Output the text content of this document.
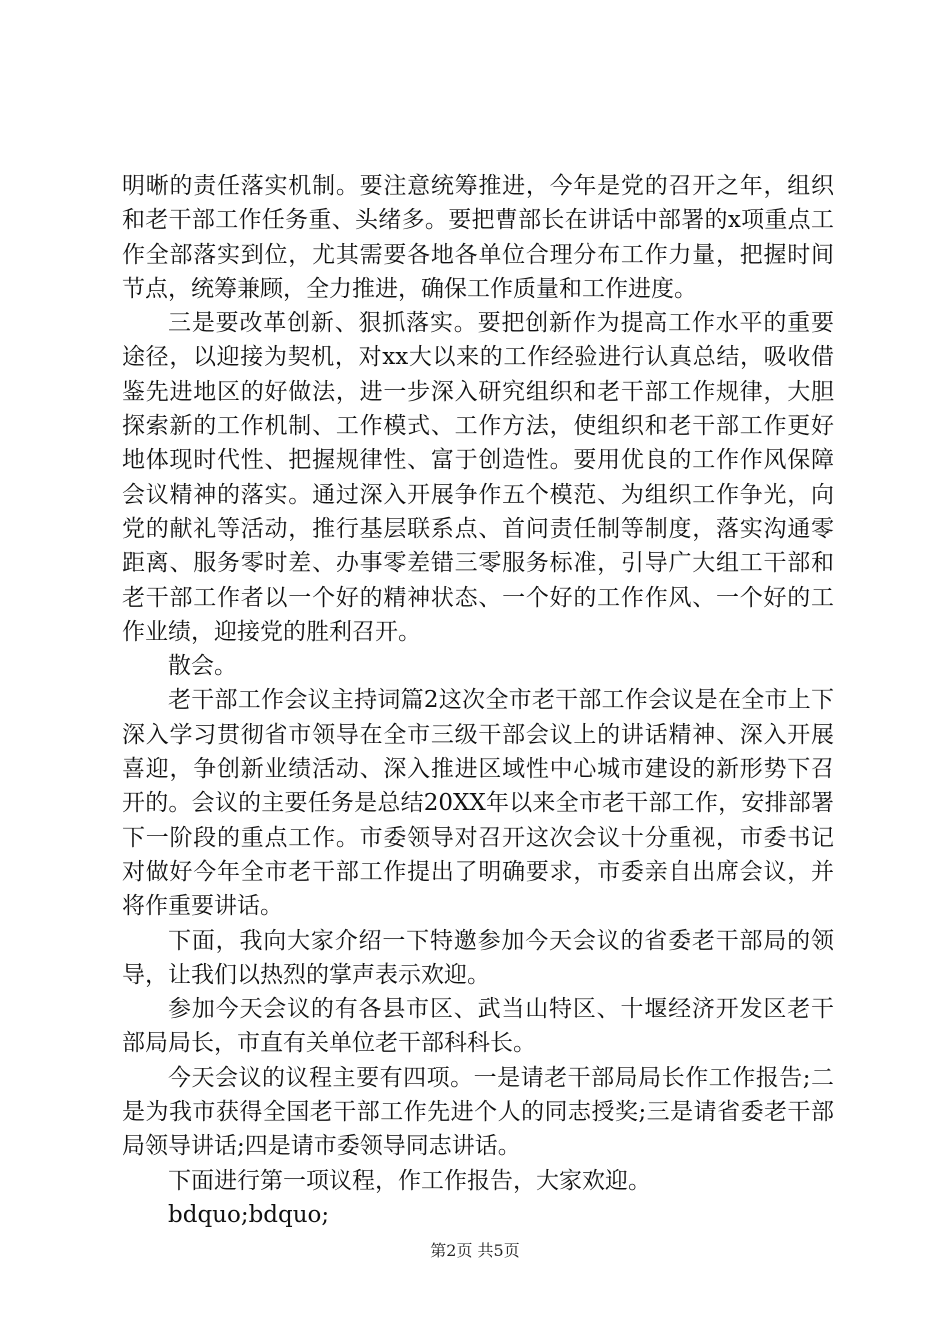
明晰的责任落实机制。要注意统筹推进，今年是党的召开之年，组织和老干部工作任务重、头绪多。要把曹部长在讲话中部署的x项重点工作全部落实到位，尤其需要各地各单位合理分布工作力量，把握时间节点，统筹兼顾，全力推进，确保工作质量和工作进度。

三是要改革创新、狠抓落实。要把创新作为提高工作水平的重要途径，以迎接为契机，对xx大以来的工作经验进行认真总结，吸收借鉴先进地区的好做法，进一步深入研究组织和老干部工作规律，大胆探索新的工作机制、工作模式、工作方法，使组织和老干部工作更好地体现时代性、把握规律性、富于创造性。要用优良的工作作风保障会议精神的落实。通过深入开展争作五个模范、为组织工作争光，向党的献礼等活动，推行基层联系点、首问责任制等制度，落实沟通零距离、服务零时差、办事零差错三零服务标准，引导广大组工干部和老干部工作者以一个好的精神状态、一个好的工作作风、一个好的工作业绩，迎接党的胜利召开。

散会。

老干部工作会议主持词篇2这次全市老干部工作会议是在全市上下深入学习贯彻省市领导在全市三级干部会议上的讲话精神、深入开展喜迎，争创新业绩活动、深入推进区域性中心城市建设的新形势下召开的。会议的主要任务是总结20XX年以来全市老干部工作，安排部署下一阶段的重点工作。市委领导对召开这次会议十分重视，市委书记对做好今年全市老干部工作提出了明确要求，市委亲自出席会议，并将作重要讲话。

下面，我向大家介绍一下特邀参加今天会议的省委老干部局的领导，让我们以热烈的掌声表示欢迎。

参加今天会议的有各县市区、武当山特区、十堰经济开发区老干部局局长，市直有关单位老干部科科长。

今天会议的议程主要有四项。一是请老干部局局长作工作报告;二是为我市获得全国老干部工作先进个人的同志授奖;三是请省委老干部局领导讲话;四是请市委领导同志讲话。

下面进行第一项议程，作工作报告，大家欢迎。

bdquo;bdquo;

第2页 共5页
